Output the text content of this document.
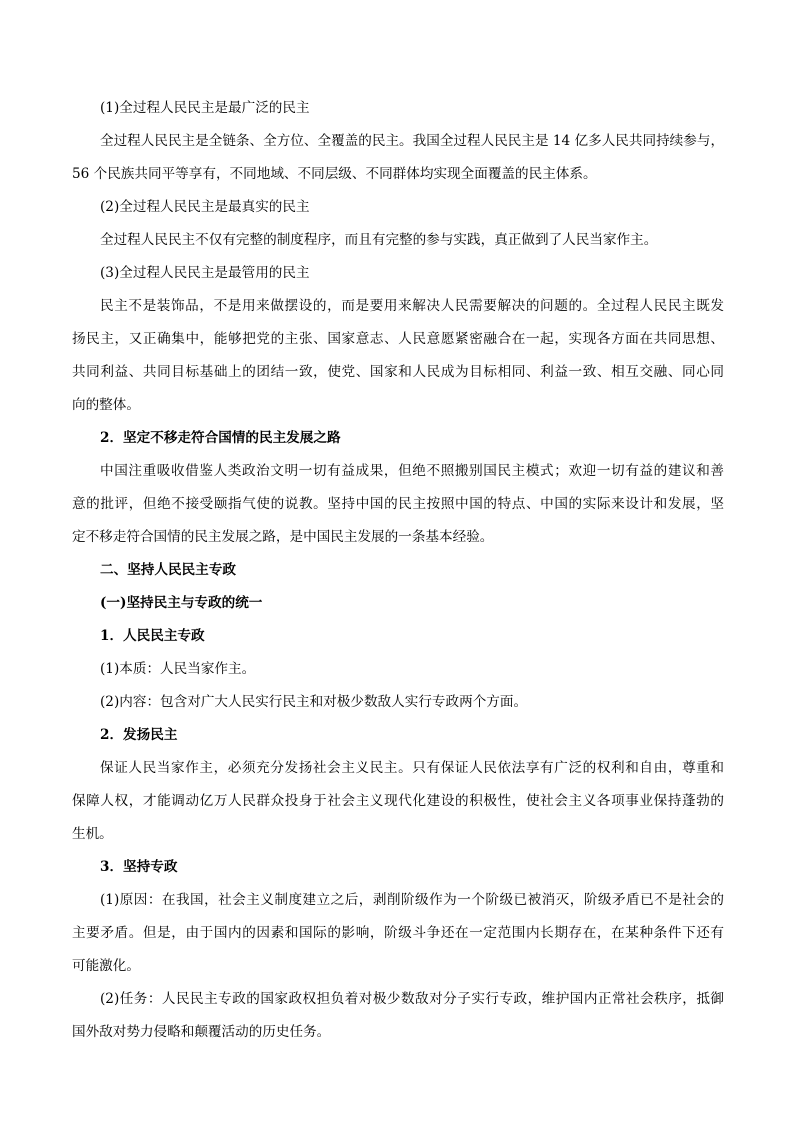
(1)全过程人民民主是最广泛的民主
全过程人民民主是全链条、全方位、全覆盖的民主。我国全过程人民民主是 14 亿多人民共同持续参与，
56 个民族共同平等享有，不同地域、不同层级、不同群体均实现全面覆盖的民主体系。
(2)全过程人民民主是最真实的民主
全过程人民民主不仅有完整的制度程序，而且有完整的参与实践，真正做到了人民当家作主。
(3)全过程人民民主是最管用的民主
民主不是装饰品，不是用来做摆设的，而是要用来解决人民需要解决的问题的。全过程人民民主既发
扬民主，又正确集中，能够把党的主张、国家意志、人民意愿紧密融合在一起，实现各方面在共同思想、
共同利益、共同目标基础上的团结一致，使党、国家和人民成为目标相同、利益一致、相互交融、同心同
向的整体。
2．坚定不移走符合国情的民主发展之路
中国注重吸收借鉴人类政治文明一切有益成果，但绝不照搬别国民主模式；欢迎一切有益的建议和善
意的批评，但绝不接受颐指气使的说教。坚持中国的民主按照中国的特点、中国的实际来设计和发展，坚
定不移走符合国情的民主发展之路，是中国民主发展的一条基本经验。
二、坚持人民民主专政
(一)坚持民主与专政的统一
1．人民民主专政
(1)本质：人民当家作主。
(2)内容：包含对广大人民实行民主和对极少数敌人实行专政两个方面。
2．发扬民主
保证人民当家作主，必须充分发扬社会主义民主。只有保证人民依法享有广泛的权利和自由，尊重和
保障人权，才能调动亿万人民群众投身于社会主义现代化建设的积极性，使社会主义各项事业保持蓬勃的
生机。
3．坚持专政
(1)原因：在我国，社会主义制度建立之后，剥削阶级作为一个阶级已被消灭，阶级矛盾已不是社会的
主要矛盾。但是，由于国内的因素和国际的影响，阶级斗争还在一定范围内长期存在，在某种条件下还有
可能激化。
(2)任务：人民民主专政的国家政权担负着对极少数敌对分子实行专政，维护国内正常社会秩序，抵御
国外敌对势力侵略和颠覆活动的历史任务。
